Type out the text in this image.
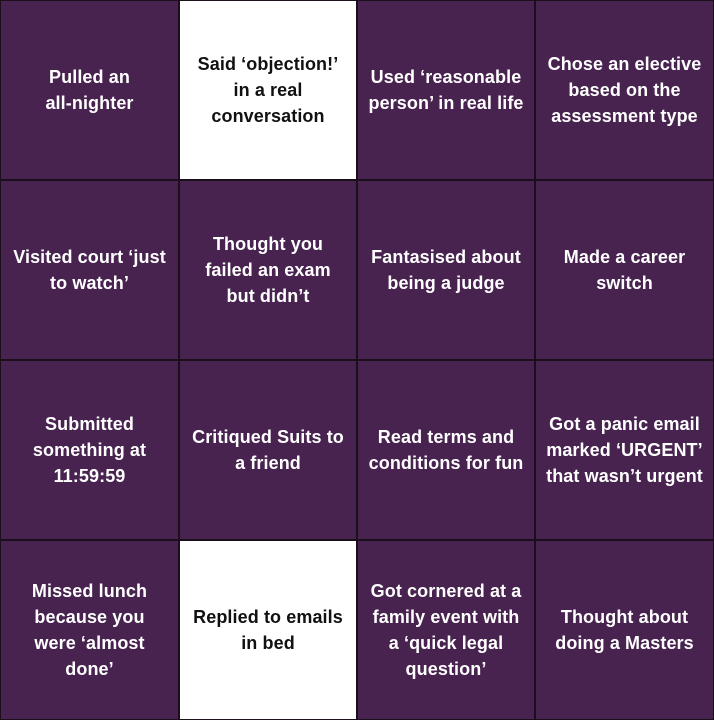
Pulled an all-nighter
Said ‘objection!’ in a real conversation
Used ‘reasonable person’ in real life
Chose an elective based on the assessment type
Visited court ‘just to watch’
Thought you failed an exam but didn’t
Fantasised about being a judge
Made a career switch
Submitted something at 11:59:59
Critiqued Suits to a friend
Read terms and conditions for fun
Got a panic email marked ‘URGENT’ that wasn’t urgent
Missed lunch because you were ‘almost done’
Replied to emails in bed
Got cornered at a family event with a ‘quick legal question’
Thought about doing a Masters
